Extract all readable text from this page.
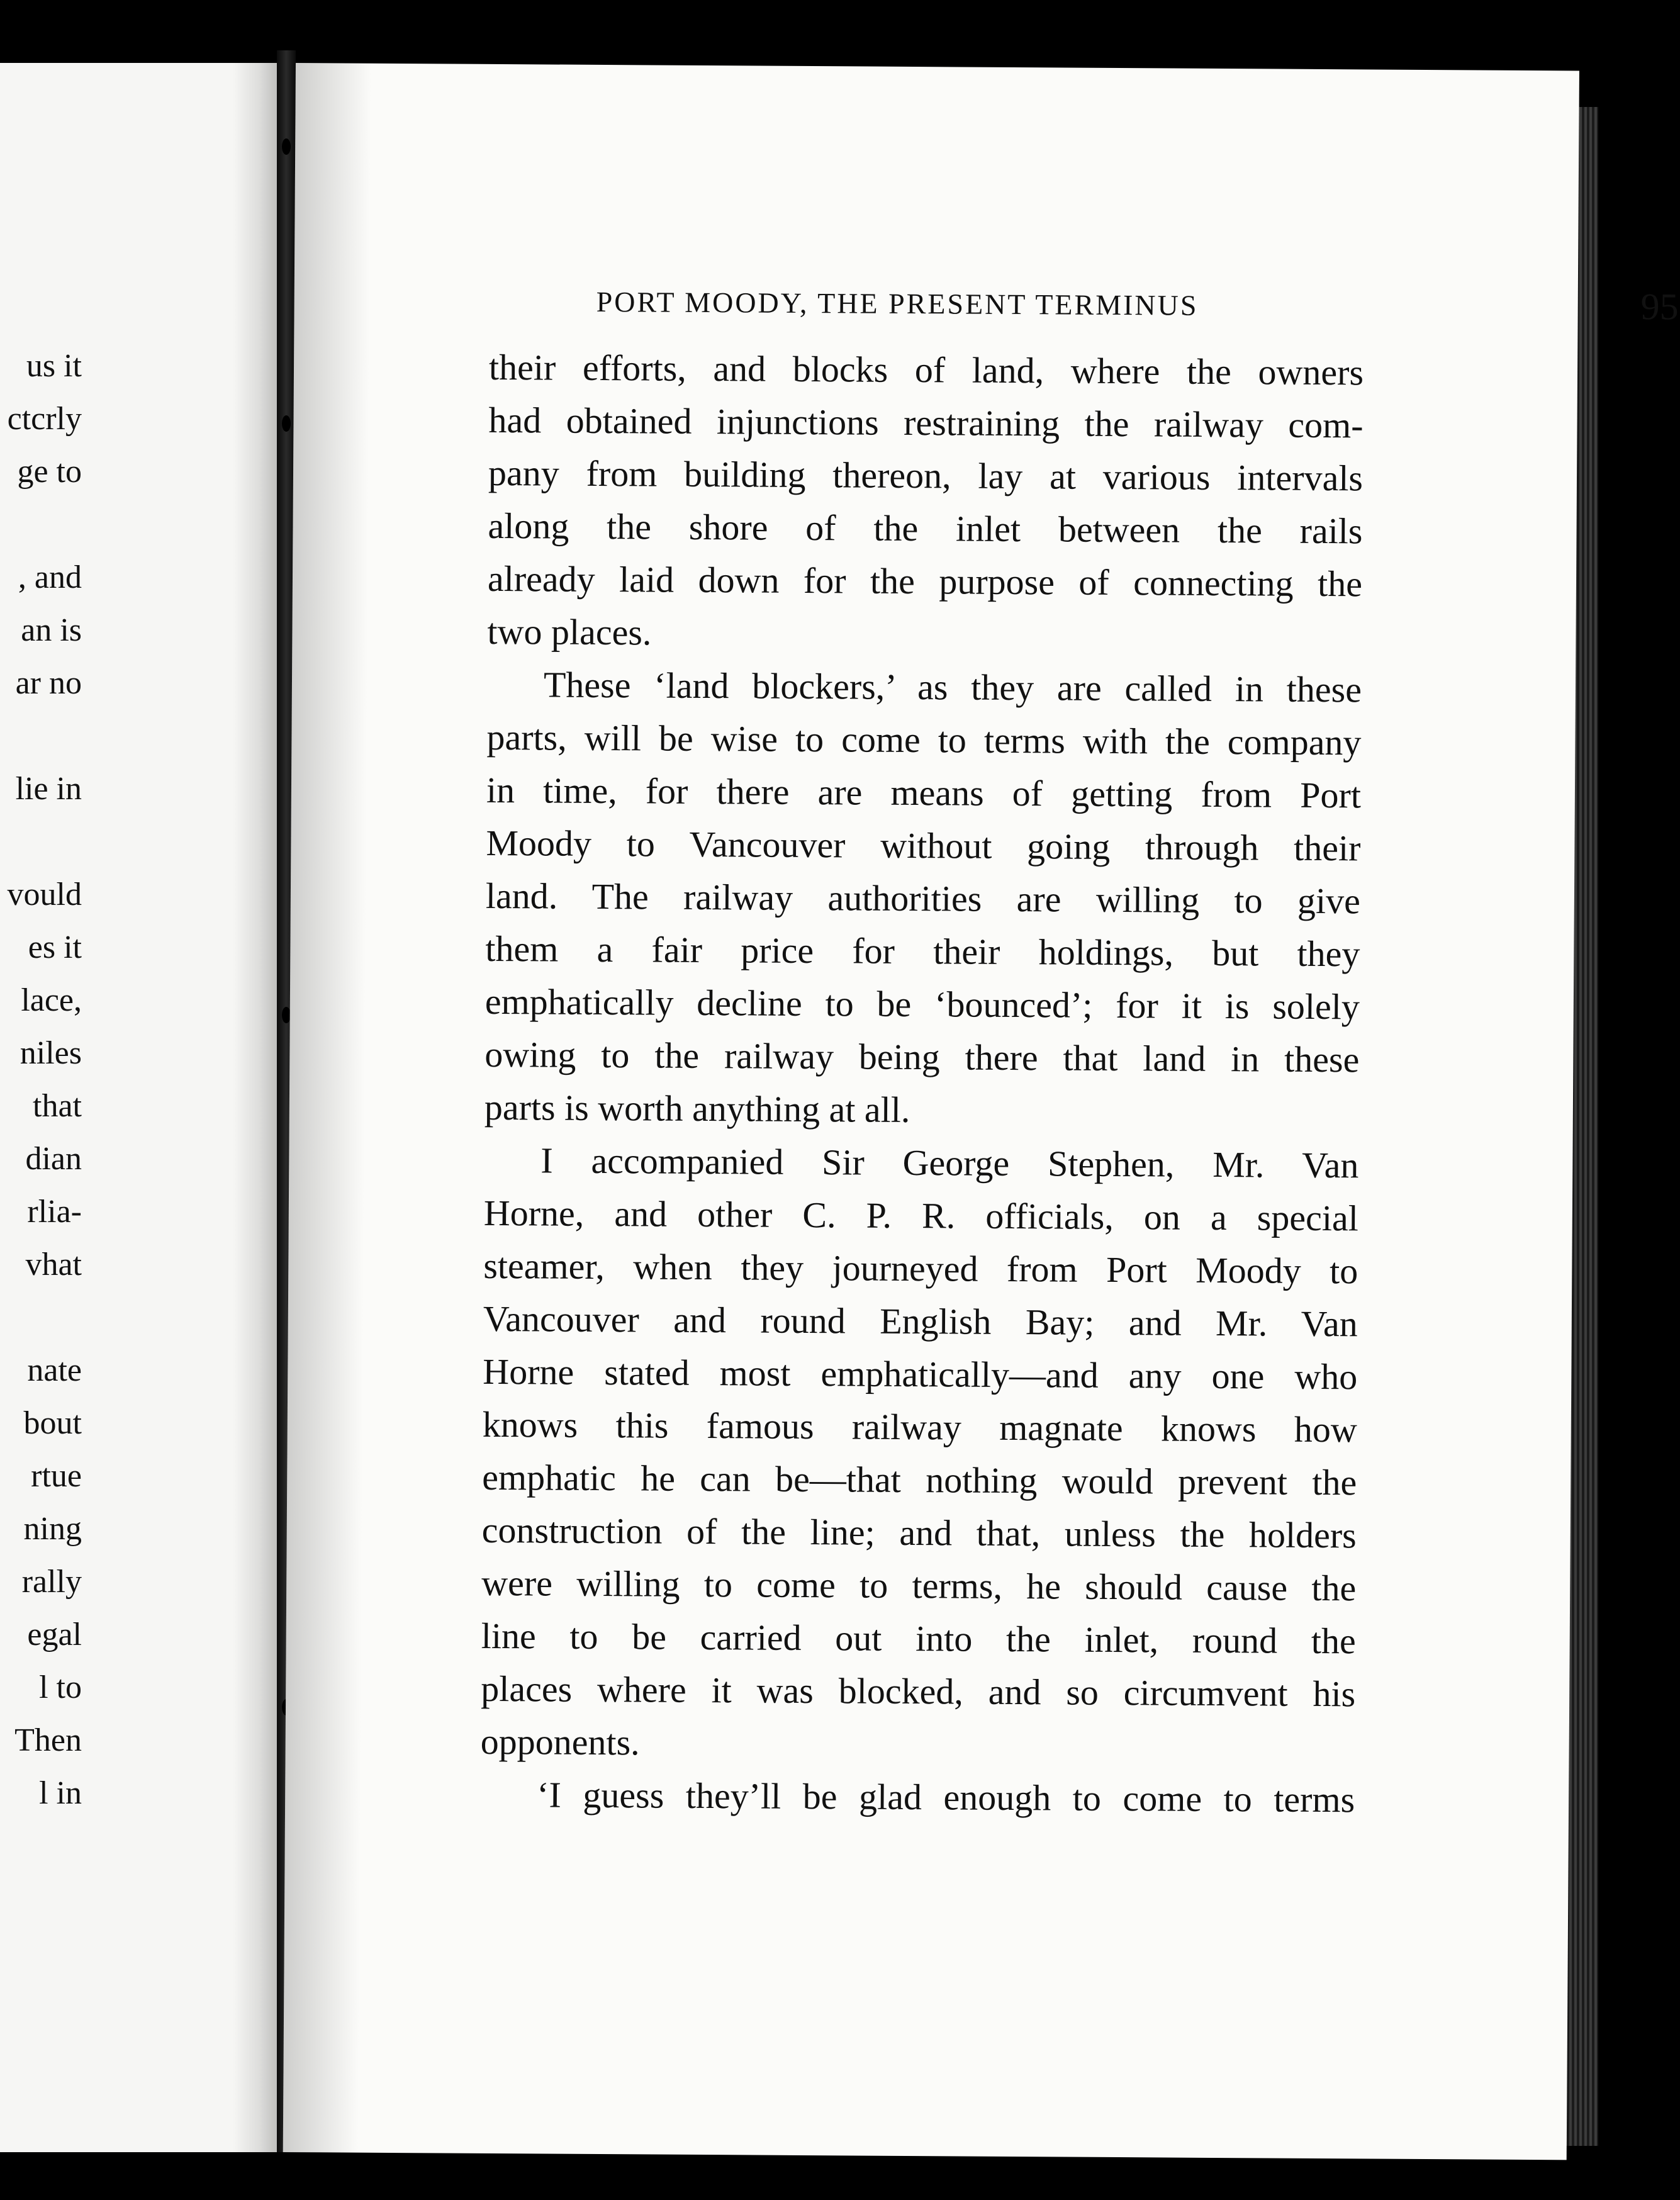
us it
ctcrly
ge to
, and
an is
ar no
lie in
vould
es it
lace,
niles
that
dian
rlia-
vhat
nate
bout
rtue
ning
rally
egal
l to
Then
l in
PORT MOODY, THE PRESENT TERMINUS	95
their efforts, and blocks of land, where the owners
had obtained injunctions restraining the railway com-
pany from building thereon, lay at various intervals
along the shore of the inlet between the rails
already laid down for the purpose of connecting the
two places.
These ‘land blockers,’ as they are called in these
parts, will be wise to come to terms with the company
in time, for there are means of getting from Port
Moody to Vancouver without going through their
land. The railway authorities are willing to give
them a fair price for their holdings, but they
emphatically decline to be ‘bounced’; for it is solely
owing to the railway being there that land in these
parts is worth anything at all.
I accompanied Sir George Stephen, Mr. Van
Horne, and other C. P. R. officials, on a special
steamer, when they journeyed from Port Moody to
Vancouver and round English Bay; and Mr. Van
Horne stated most emphatically—and any one who
knows this famous railway magnate knows how
emphatic he can be—that nothing would prevent the
construction of the line; and that, unless the holders
were willing to come to terms, he should cause the
line to be carried out into the inlet, round the
places where it was blocked, and so circumvent his
opponents.
‘I guess they’ll be glad enough to come to terms
